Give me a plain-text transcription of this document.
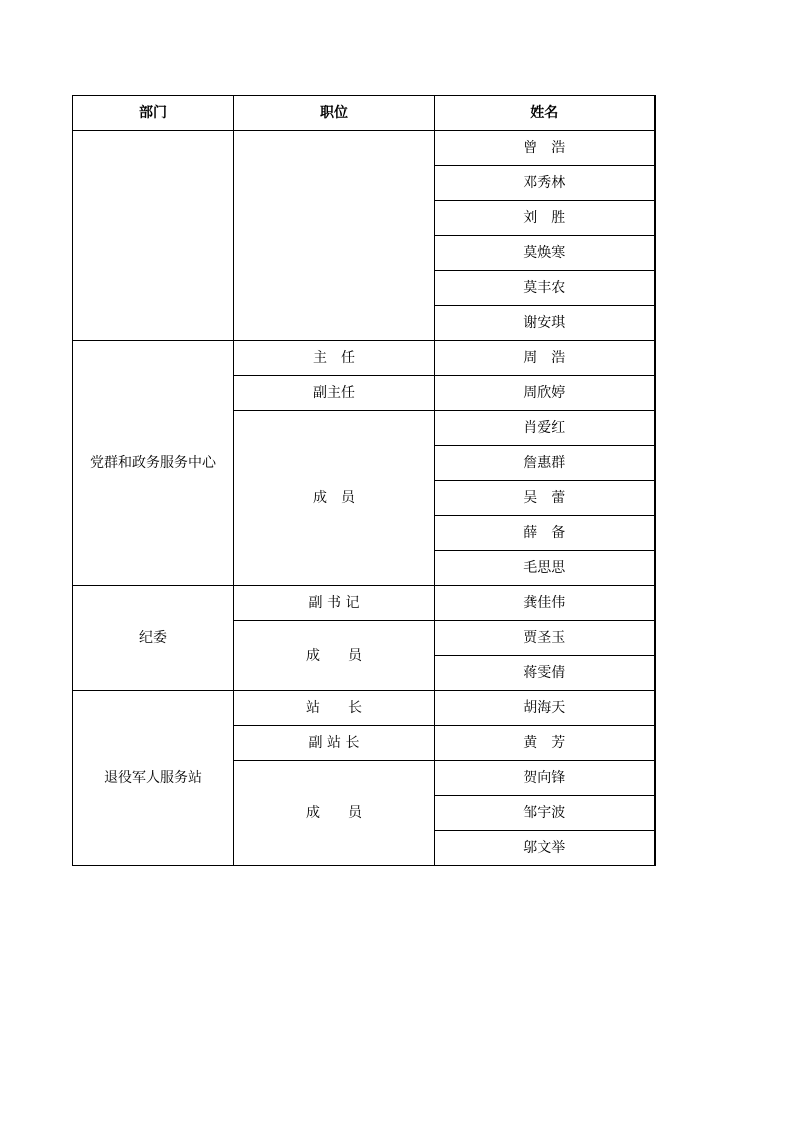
部门	职位	姓名
		曾　浩
		邓秀林
		刘　胜
		莫焕寒
		莫丰农
		谢安琪
党群和政务服务中心	主　任	周　浩
	副主任	周欣婷
	成　员	肖爱红
		詹惠群
		吴　蕾
		薛　备
		毛思思
纪委	副 书 记	龚佳伟
	成　　员	贾圣玉
		蒋雯倩
退役军人服务站	站　　长	胡海天
	副 站 长	黄　芳
	成　　员	贺向锋
		邹宇波
		邬文举
